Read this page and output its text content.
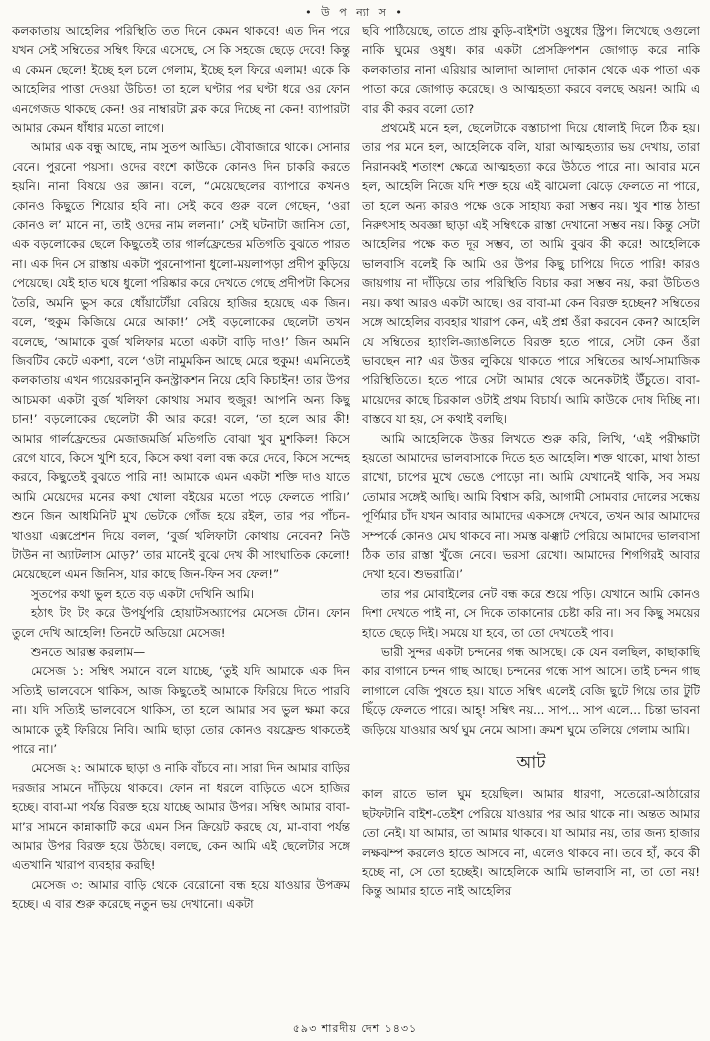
• উ প ন্যা স •

কলকাতায় আহেলির পরিস্থিতি তত দিনে কেমন থাকবে! এত দিন পরে যখন সেই সম্বিতের সম্বিৎ ফিরে এসেছে, সে কি সহজে ছেড়ে দেবে! কিন্তু এ কেমন ছেলে! ইচ্ছে হল চলে গেলাম, ইচ্ছে হল ফিরে এলাম! একে কি আহেলির পাত্তা দেওয়া উচিত! তা হলে ঘণ্টার পর ঘণ্টা ধরে ওর ফোন এনগেজড থাকছে কেন! ওর নাম্বারটা ব্লক করে দিচ্ছে না কেন! ব্যাপারটা আমার কেমন ধাঁধার মতো লাগে।

আমার এক বন্ধু আছে, নাম সুতপ আড্ডি। বৌবাজারে থাকে। সোনার বেনে। পুরনো পয়সা। ওদের বংশে কাউকে কোনও দিন চাকরি করতে হয়নি। নানা বিষয়ে ওর জ্ঞান। বলে, “মেয়েছেলের ব্যাপারে কখনও কোনও কিছুতে শিয়োর হবি না। সেই কবে গুরু বলে গেছেন, ‘ওরা কোনও ল’ মানে না, তাই ওদের নাম ললনা।’ সেই ঘটনাটা জানিস তো, এক বড়লোকের ছেলে কিছুতেই তার গার্লফ্রেন্ডের মতিগতি বুঝতে পারত না। এক দিন সে রাস্তায় একটা পুরনোপানা ধুলো-ময়লাপড়া প্রদীপ কুড়িয়ে পেয়েছে। যেই হাত ঘষে ধুলো পরিষ্কার করে দেখতে গেছে প্রদীপটা কিসের তৈরি, অমনি ভুস করে ধোঁয়াটোঁয়া বেরিয়ে হাজির হয়েছে এক জিন। বলে, ‘হুকুম কিজিয়ে মেরে আকা!’ সেই বড়লোকের ছেলেটা তখন বলেছে, ‘আমাকে বুর্জ খলিফার মতো একটা বাড়ি দাও!’ জিন অমনি জিবটিব কেটে একশা, বলে ‘ওটা নামুমকিন আছে মেরে হুকুম! এমনিতেই কলকাতায় এখন গ্যয়েরকানুনি কনস্ট্রাকশন নিয়ে হেবি কিচাইন! তার উপর আচমকা একটা বুর্জ খলিফা কোথায় সমাব হুজুর! আপনি অন্য কিছু চান!’ বড়লোকের ছেলেটা কী আর করে! বলে, ‘তা হলে আর কী! আমার গার্লফ্রেন্ডের মেজাজমর্জি মতিগতি বোঝা খুব মুশকিল! কিসে রেগে যাবে, কিসে খুশি হবে, কিসে কথা বলা বন্ধ করে দেবে, কিসে সন্দেহ করবে, কিছুতেই বুঝতে পারি না! আমাকে এমন একটা শক্তি দাও যাতে আমি মেয়েদের মনের কথা খোলা বইয়ের মতো পড়ে ফেলতে পারি।’ শুনে জিন আধমিনিট মুখ ভেটকে গোঁজ হয়ে রইল, তার পর পাঁচন-খাওয়া এক্সপ্রেশন দিয়ে বলল, ‘বুর্জ খলিফাটা কোথায় নেবেন? নিউ টাউন না অ্যাটলাস মোড়?’ তার মানেই বুঝে দেখ কী সাংঘাতিক কেলো! মেয়েছেলে এমন জিনিস, যার কাছে জিন-ফিন সব ফেল!”

সুতপের কথা ভুল হতে বড় একটা দেখিনি আমি।

হঠাৎ টং টং করে উপর্যুপরি হোয়াটসঅ্যাপের মেসেজ টোন। ফোন তুলে দেখি আহেলি! তিনটে অডিয়ো মেসেজ!

শুনতে আরম্ভ করলাম—

মেসেজ ১: সম্বিৎ সমানে বলে যাচ্ছে, ‘তুই যদি আমাকে এক দিন সত্যিই ভালবেসে থাকিস, আজ কিছুতেই আমাকে ফিরিয়ে দিতে পারবি না। যদি সত্যিই ভালবেসে থাকিস, তা হলে আমার সব ভুল ক্ষমা করে আমাকে তুই ফিরিয়ে নিবি। আমি ছাড়া তোর কোনও বয়ফ্রেন্ড থাকতেই পারে না।’

মেসেজ ২: আমাকে ছাড়া ও নাকি বাঁচবে না। সারা দিন আমার বাড়ির দরজার সামনে দাঁড়িয়ে থাকবে। ফোন না ধরলে বাড়িতে এসে হাজির হচ্ছে। বাবা-মা পর্যন্ত বিরক্ত হয়ে যাচ্ছে আমার উপর। সম্বিৎ আমার বাবা-মা’র সামনে কান্নাকাটি করে এমন সিন ক্রিয়েট করছে যে, মা-বাবা পর্যন্ত আমার উপর বিরক্ত হয়ে উঠছে। বলছে, কেন আমি এই ছেলেটার সঙ্গে এতখানি খারাপ ব্যবহার করছি!

মেসেজ ৩: আমার বাড়ি থেকে বেরোনো বন্ধ হয়ে যাওয়ার উপক্রম হচ্ছে। এ বার শুরু করেছে নতুন ভয় দেখানো। একটা

ছবি পাঠিয়েছে, তাতে প্রায় কুড়ি-বাইশটা ওষুধের স্ট্রিপ। লিখেছে ওগুলো নাকি ঘুমের ওষুধ। কার একটা প্রেসক্রিপশন জোগাড় করে নাকি কলকাতার নানা এরিয়ার আলাদা আলাদা দোকান থেকে এক পাতা এক পাতা করে জোগাড় করেছে। ও আত্মহত্যা করবে বলছে অয়ন! আমি এ বার কী করব বলো তো?

প্রথমেই মনে হল, ছেলেটাকে বস্তাচাপা দিয়ে ধোলাই দিলে ঠিক হয়। তার পর মনে হল, আহেলিকে বলি, যারা আত্মহত্যার ভয় দেখায়, তারা নিরানব্বই শতাংশ ক্ষেত্রে আত্মহত্যা করে উঠতে পারে না। আবার মনে হল, আহেলি নিজে যদি শক্ত হয়ে এই ঝামেলা ঝেড়ে ফেলতে না পারে, তা হলে অন্য কারও পক্ষে ওকে সাহায্য করা সম্ভব নয়। খুব শান্ত ঠান্ডা নিরুৎসাহ অবজ্ঞা ছাড়া এই সম্বিৎকে রাস্তা দেখানো সম্ভব নয়। কিন্তু সেটা আহেলির পক্ষে কত দূর সম্ভব, তা আমি বুঝব কী করে! আহেলিকে ভালবাসি বলেই কি আমি ওর উপর কিছু চাপিয়ে দিতে পারি! কারও জায়গায় না দাঁড়িয়ে তার পরিস্থিতি বিচার করা সম্ভব নয়, করা উচিতও নয়। কথা আরও একটা আছে। ওর বাবা-মা কেন বিরক্ত হচ্ছেন? সম্বিতের সঙ্গে আহেলির ব্যবহার খারাপ কেন, এই প্রশ্ন ওঁরা করবেন কেন? আহেলি যে সম্বিতের হ্যাংলি-জ্যাঙলিতে বিরক্ত হতে পারে, সেটা কেন ওঁরা ভাবছেন না? এর উত্তর লুকিয়ে থাকতে পারে সম্বিতের আর্থ-সামাজিক পরিস্থিতিতে। হতে পারে সেটা আমার থেকে অনেকটাই উঁচুতে। বাবা-মায়েদের কাছে চিরকাল ওটাই প্রথম বিচার্য। আমি কাউকে দোষ দিচ্ছি না। বাস্তবে যা হয়, সে কথাই বলছি।

আমি আহেলিকে উত্তর লিখতে শুরু করি, লিখি, ‘এই পরীক্ষাটা হয়তো আমাদের ভালবাসাকে দিতে হত আহেলি। শক্ত থাকো, মাথা ঠান্ডা রাখো, চাপের মুখে ভেঙে পোড়ো না। আমি যেখানেই থাকি, সব সময় তোমার সঙ্গেই আছি। আমি বিশ্বাস করি, আগামী সোমবার দোলের সন্ধেয় পূর্ণিমার চাঁদ যখন আবার আমাদের একসঙ্গে দেখবে, তখন আর আমাদের সম্পর্কে কোনও মেঘ থাকবে না। সমস্ত ঝঞ্ঝাট পেরিয়ে আমাদের ভালবাসা ঠিক তার রাস্তা খুঁজে নেবে। ভরসা রেখো। আমাদের শিগগিরই আবার দেখা হবে। শুভরাত্রি।’

তার পর মোবাইলের নেট বন্ধ করে শুয়ে পড়ি। যেখানে আমি কোনও দিশা দেখতে পাই না, সে দিকে তাকানোর চেষ্টা করি না। সব কিছু সময়ের হাতে ছেড়ে দিই। সময়ে যা হবে, তা তো দেখতেই পাব।

ভারী সুন্দর একটা চন্দনের গন্ধ আসছে। কে যেন বলছিল, কাছাকাছি কার বাগানে চন্দন গাছ আছে। চন্দনের গন্ধে সাপ আসে। তাই চন্দন গাছ লাগালে বেজি পুষতে হয়। যাতে সম্বিৎ এলেই বেজি ছুটে গিয়ে তার টুটি ছিঁড়ে ফেলতে পারে। আহ্! সম্বিৎ নয়... সাপ... সাপ এলে... চিন্তা ভাবনা জড়িয়ে যাওয়ার অর্থ ঘুম নেমে আসা। ক্রমশ ঘুমে তলিয়ে গেলাম আমি।

আট

কাল রাতে ভাল ঘুম হয়েছিল। আমার ধারণা, সতেরো-আঠারোর ছটফটানি বাইশ-তেইশ পেরিয়ে যাওয়ার পর আর থাকে না। অন্তত আমার তো নেই। যা আমার, তা আমার থাকবে। যা আমার নয়, তার জন্য হাজার লক্ষঝম্প করলেও হাতে আসবে না, এলেও থাকবে না। তবে হাঁ, কবে কী হচ্ছে না, সে তো হচ্ছেই। আহেলিকে আমি ভালবাসি না, তা তো নয়! কিন্তু আমার হাতে নাই আহেলির

৫৯৩ শারদীয় দেশ ১৪৩১
